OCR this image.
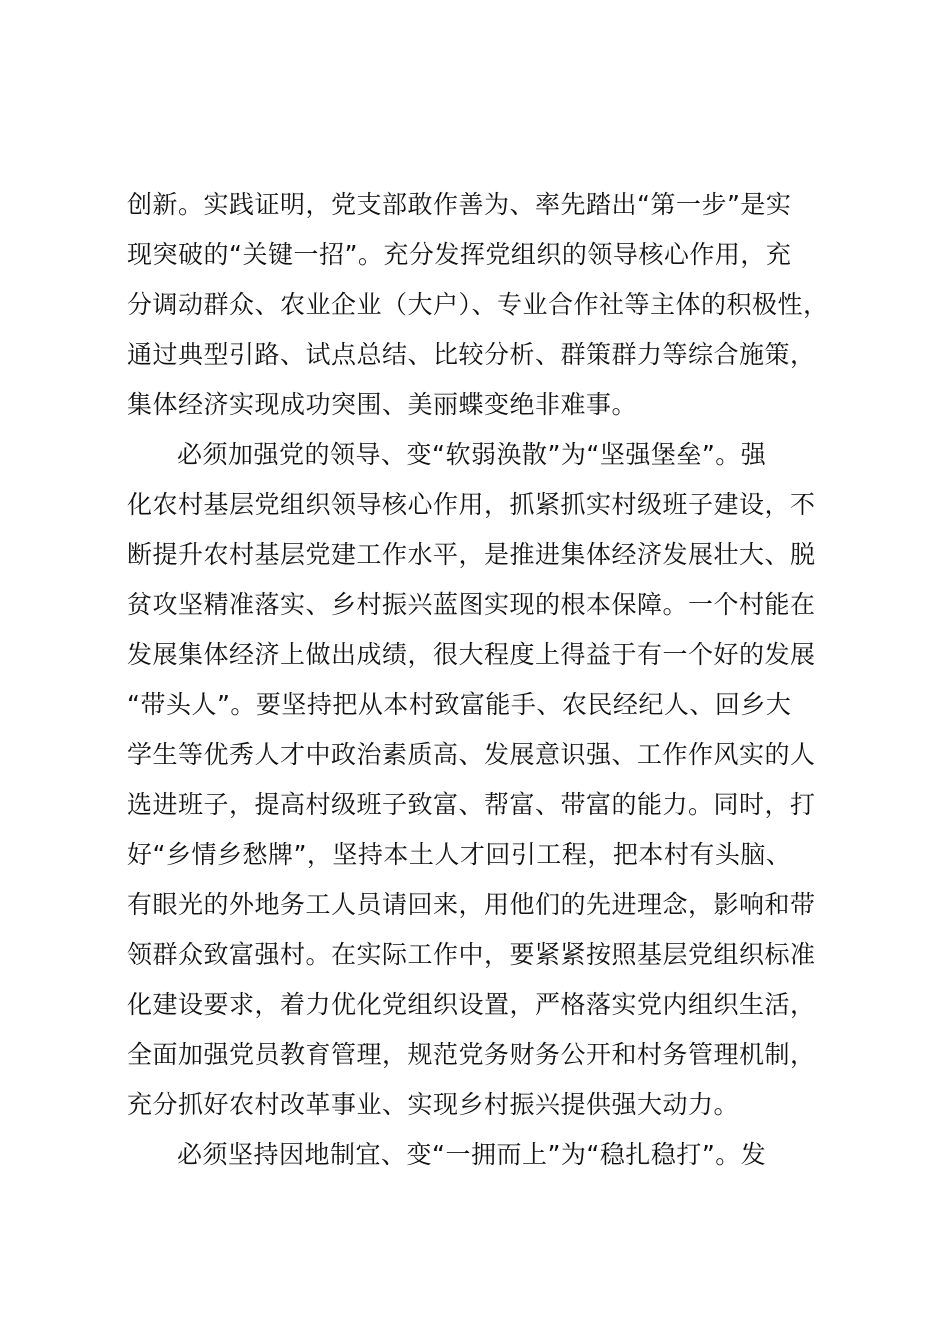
创新。实践证明，党支部敢作善为、率先踏出“第一步”是实
现突破的“关键一招”。充分发挥党组织的领导核心作用，充
分调动群众、农业企业（大户）、专业合作社等主体的积极性，
通过典型引路、试点总结、比较分析、群策群力等综合施策，
集体经济实现成功突围、美丽蝶变绝非难事。
必须加强党的领导、变“软弱涣散”为“坚强堡垒”。强
化农村基层党组织领导核心作用，抓紧抓实村级班子建设，不
断提升农村基层党建工作水平，是推进集体经济发展壮大、脱
贫攻坚精准落实、乡村振兴蓝图实现的根本保障。一个村能在
发展集体经济上做出成绩，很大程度上得益于有一个好的发展
“带头人”。要坚持把从本村致富能手、农民经纪人、回乡大
学生等优秀人才中政治素质高、发展意识强、工作作风实的人
选进班子，提高村级班子致富、帮富、带富的能力。同时，打
好“乡情乡愁牌”，坚持本土人才回引工程，把本村有头脑、
有眼光的外地务工人员请回来，用他们的先进理念，影响和带
领群众致富强村。在实际工作中，要紧紧按照基层党组织标准
化建设要求，着力优化党组织设置，严格落实党内组织生活，
全面加强党员教育管理，规范党务财务公开和村务管理机制，
充分抓好农村改革事业、实现乡村振兴提供强大动力。
必须坚持因地制宜、变“一拥而上”为“稳扎稳打”。发
